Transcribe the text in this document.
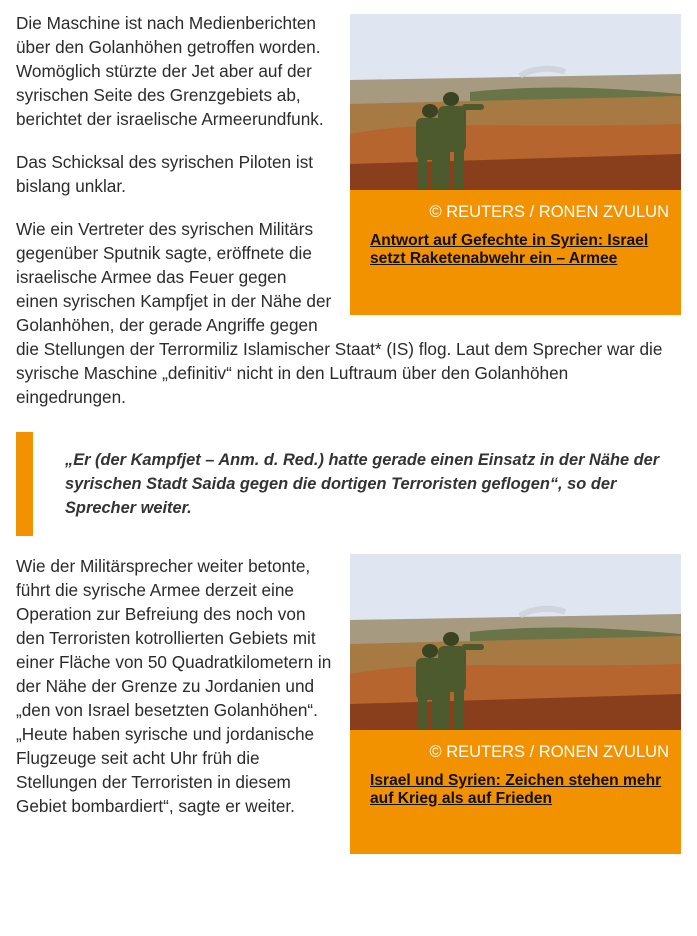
© REUTERS / RONEN ZVULUN
Antwort auf Gefechte in Syrien: Israel setzt Raketenabwehr ein – Armee

Die Maschine ist nach Medienberichten über den Golanhöhen getroffen worden. Womöglich stürzte der Jet aber auf der syrischen Seite des Grenzgebiets ab, berichtet der israelische Armeerundfunk.

Das Schicksal des syrischen Piloten ist bislang unklar.

Wie ein Vertreter des syrischen Militärs gegenüber Sputnik sagte, eröffnete die israelische Armee das Feuer gegen einen syrischen Kampfjet in der Nähe der Golanhöhen, der gerade Angriffe gegen die Stellungen der Terrormiliz Islamischer Staat* (IS) flog. Laut dem Sprecher war die syrische Maschine „definitiv“ nicht in den Luftraum über den Golanhöhen eingedrungen.

„Er (der Kampfjet – Anm. d. Red.) hatte gerade einen Einsatz in der Nähe der syrischen Stadt Saida gegen die dortigen Terroristen geflogen“, so der Sprecher weiter.
© REUTERS / RONEN ZVULUN
Israel und Syrien: Zeichen stehen mehr auf Krieg als auf Frieden

Wie der Militärsprecher weiter betonte, führt die syrische Armee derzeit eine Operation zur Befreiung des noch von den Terroristen kotrollierten Gebiets mit einer Fläche von 50 Quadratkilometern in der Nähe der Grenze zu Jordanien und „den von Israel besetzten Golanhöhen“. „Heute haben syrische und jordanische Flugzeuge seit acht Uhr früh die Stellungen der Terroristen in diesem Gebiet bombardiert“, sagte er weiter.
